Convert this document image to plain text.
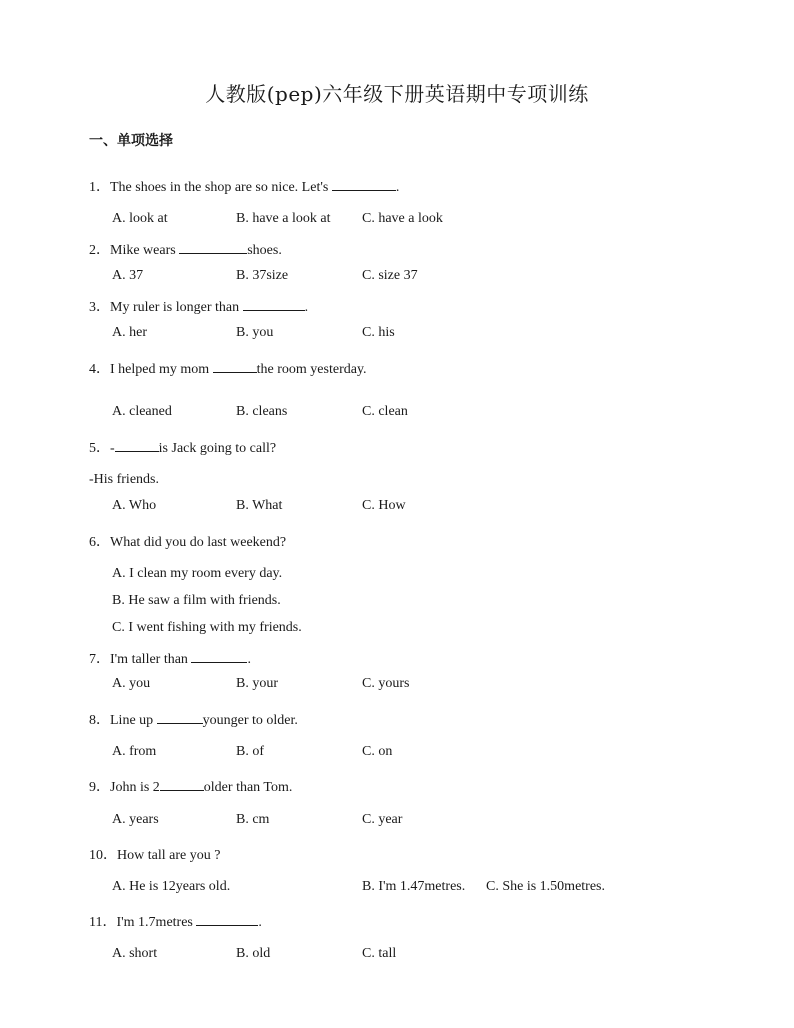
人教版(pep)六年级下册英语期中专项训练
一、单项选择
1．The shoes in the shop are so nice. Let's	.
A. look at	B. have a look at C. have a look
2．Mike wears	shoes.
A. 37	B. 37size	C. size 37
3．My ruler is longer than	.
A. her	B. you	C. his
4．I helped my mom	the room yesterday.
A. cleaned	B. cleans	C. clean
5．-	is Jack going to call?
-His friends.
A. Who	B. What	C. How
6．What did you do last weekend?
A. I clean my room every day.
B. He saw a film with friends.
C. I went fishing with my friends.
7．I'm taller than	.
A. you	B. your	C. yours
8．Line up	younger to older.
A. from	B. of	C. on
9．John is 2	older than Tom.
A. years	B. cm	C. year
10．How tall are you ?
A. He is 12years old.	B. I'm 1.47metres. C. She is 1.50metres.
11．I'm 1.7metres	.
A. short	B. old	C. tall
